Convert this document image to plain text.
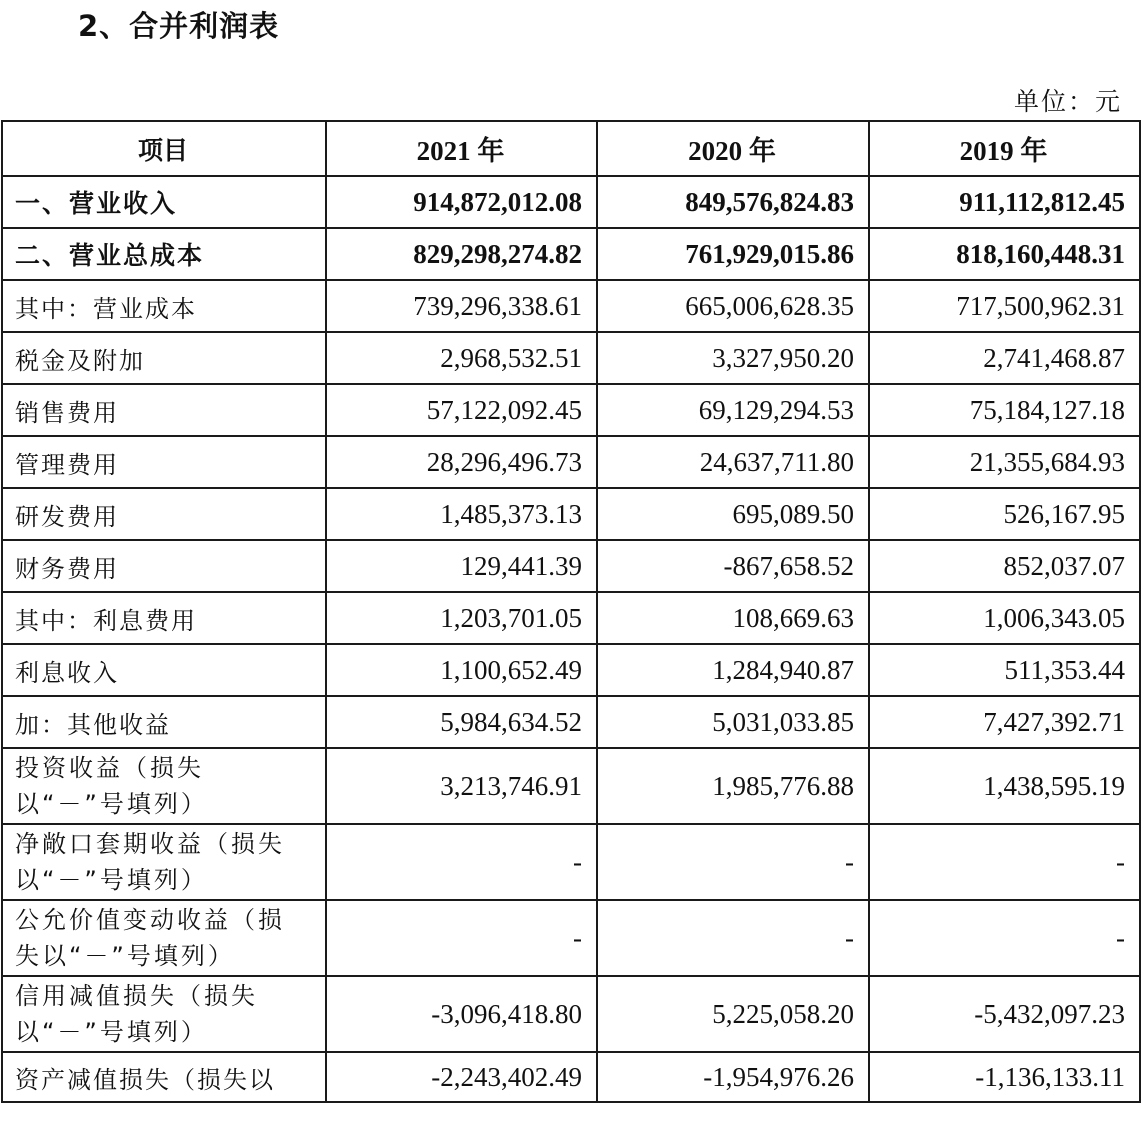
2、合并利润表
单位：元
项目	2021 年	2020 年	2019 年
一、营业收入	914,872,012.08	849,576,824.83	911,112,812.45
二、营业总成本	829,298,274.82	761,929,015.86	818,160,448.31
其中：营业成本	739,296,338.61	665,006,628.35	717,500,962.31
税金及附加	2,968,532.51	3,327,950.20	2,741,468.87
销售费用	57,122,092.45	69,129,294.53	75,184,127.18
管理费用	28,296,496.73	24,637,711.80	21,355,684.93
研发费用	1,485,373.13	695,089.50	526,167.95
财务费用	129,441.39	-867,658.52	852,037.07
其中：利息费用	1,203,701.05	108,669.63	1,006,343.05
利息收入	1,100,652.49	1,284,940.87	511,353.44
加：其他收益	5,984,634.52	5,031,033.85	7,427,392.71
投资收益（损失以“－”号填列）	3,213,746.91	1,985,776.88	1,438,595.19
净敞口套期收益（损失以“－”号填列）	-	-	-
公允价值变动收益（损失以“－”号填列）	-	-	-
信用减值损失（损失以“－”号填列）	-3,096,418.80	5,225,058.20	-5,432,097.23
资产减值损失（损失以	-2,243,402.49	-1,954,976.26	-1,136,133.11
